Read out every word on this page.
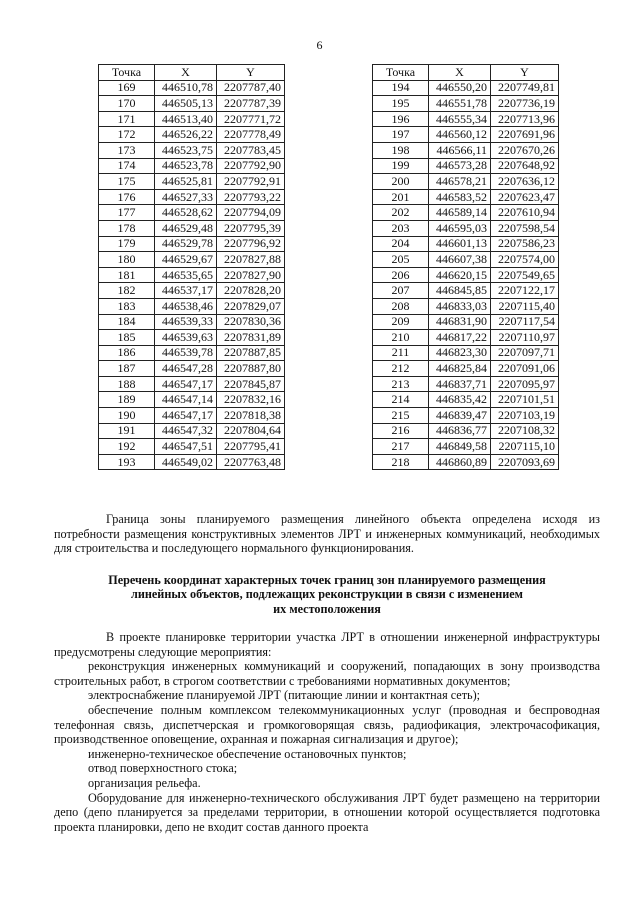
6
Точка	X	Y
169	446510,78	2207787,40
170	446505,13	2207787,39
171	446513,40	2207771,72
172	446526,22	2207778,49
173	446523,75	2207783,45
174	446523,78	2207792,90
175	446525,81	2207792,91
176	446527,33	2207793,22
177	446528,62	2207794,09
178	446529,48	2207795,39
179	446529,78	2207796,92
180	446529,67	2207827,88
181	446535,65	2207827,90
182	446537,17	2207828,20
183	446538,46	2207829,07
184	446539,33	2207830,36
185	446539,63	2207831,89
186	446539,78	2207887,85
187	446547,28	2207887,80
188	446547,17	2207845,87
189	446547,14	2207832,16
190	446547,17	2207818,38
191	446547,32	2207804,64
192	446547,51	2207795,41
193	446549,02	2207763,48
Точка	X	Y
194	446550,20	2207749,81
195	446551,78	2207736,19
196	446555,34	2207713,96
197	446560,12	2207691,96
198	446566,11	2207670,26
199	446573,28	2207648,92
200	446578,21	2207636,12
201	446583,52	2207623,47
202	446589,14	2207610,94
203	446595,03	2207598,54
204	446601,13	2207586,23
205	446607,38	2207574,00
206	446620,15	2207549,65
207	446845,85	2207122,17
208	446833,03	2207115,40
209	446831,90	2207117,54
210	446817,22	2207110,97
211	446823,30	2207097,71
212	446825,84	2207091,06
213	446837,71	2207095,97
214	446835,42	2207101,51
215	446839,47	2207103,19
216	446836,77	2207108,32
217	446849,58	2207115,10
218	446860,89	2207093,69

Граница зоны планируемого размещения линейного объекта определена исходя из потребности размещения конструктивных элементов ЛРТ и инженерных коммуникаций, необходимых для строительства и последующего нормального функционирования.

Перечень координат характерных точек границ зон планируемого размещения
линейных объектов, подлежащих реконструкции в связи с изменением
их местоположения

В проекте планировке территории участка ЛРТ в отношении инженерной инфраструктуры предусмотрены следующие мероприятия:

реконструкция инженерных коммуникаций и сооружений, попадающих в зону производства строительных работ, в строгом соответствии с требованиями нормативных документов;

электроснабжение планируемой ЛРТ (питающие линии и контактная сеть);

обеспечение полным комплексом телекоммуникационных услуг (проводная и беспроводная телефонная связь, диспетчерская и громкоговорящая связь, радиофикация, электрочасофикация, производственное оповещение, охранная и пожарная сигнализация и другое);

инженерно-техническое обеспечение остановочных пунктов;

отвод поверхностного стока;

организация рельефа.

Оборудование для инженерно-технического обслуживания ЛРТ будет размещено на территории депо (депо планируется за пределами территории, в отношении которой осуществляется подготовка проекта планировки, депо не входит состав данного проекта
